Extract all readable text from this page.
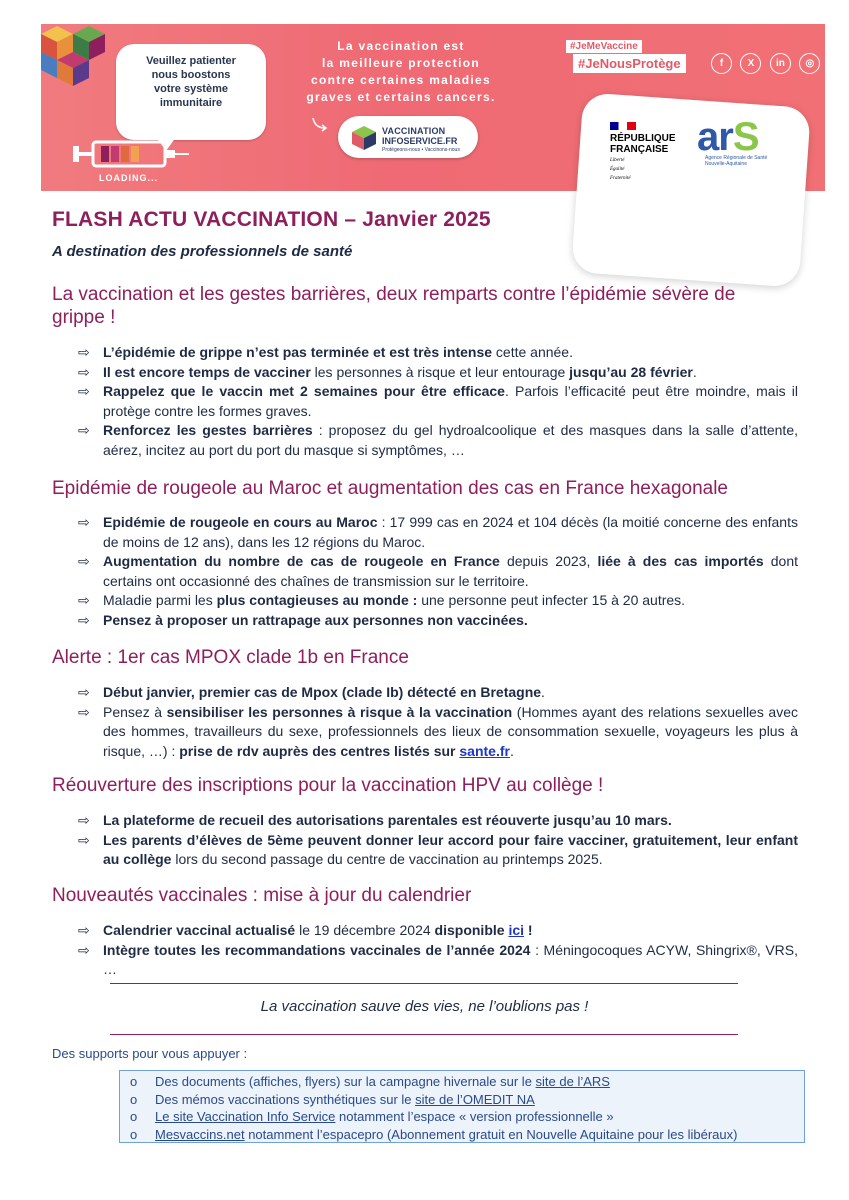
Veuillez patienter
nous boostons
votre système
immunitaire
LOADING...
La vaccination est
la meilleure protection
contre certaines maladies
graves et certains cancers.
VACCINATION
INFOSERVICE.FR
Protégeons-nous • Vaccinons-nous
#JeMeVaccine
#JeNousProtège	f X in ◎
RÉPUBLIQUE
FRANÇAISE
Liberté
Égalité
Fraternité
arS
Agence Régionale de Santé
Nouvelle-Aquitaine
FLASH ACTU VACCINATION – Janvier 2025
A destination des professionnels de santé
La vaccination et les gestes barrières, deux remparts contre l’épidémie sévère de grippe !
⇨ L’épidémie de grippe n’est pas terminée et est très intense cette année.
⇨ Il est encore temps de vacciner les personnes à risque et leur entourage jusqu’au 28 février.
⇨ Rappelez que le vaccin met 2 semaines pour être efficace. Parfois l’efficacité peut être moindre, mais il protège contre les formes graves.
⇨ Renforcez les gestes barrières : proposez du gel hydroalcoolique et des masques dans la salle d’attente, aérez, incitez au port du port du masque si symptômes, …
Epidémie de rougeole au Maroc et augmentation des cas en France hexagonale
⇨ Epidémie de rougeole en cours au Maroc : 17 999 cas en 2024 et 104 décès (la moitié concerne des enfants de moins de 12 ans), dans les 12 régions du Maroc.
⇨ Augmentation du nombre de cas de rougeole en France depuis 2023, liée à des cas importés dont certains ont occasionné des chaînes de transmission sur le territoire.
⇨ Maladie parmi les plus contagieuses au monde : une personne peut infecter 15 à 20 autres.
⇨ Pensez à proposer un rattrapage aux personnes non vaccinées.
Alerte : 1er cas MPOX clade 1b en France
⇨ Début janvier, premier cas de Mpox (clade Ib) détecté en Bretagne.
⇨ Pensez à sensibiliser les personnes à risque à la vaccination (Hommes ayant des relations sexuelles avec des hommes, travailleurs du sexe, professionnels des lieux de consommation sexuelle, voyageurs les plus à risque, …) : prise de rdv auprès des centres listés sur sante.fr.
Réouverture des inscriptions pour la vaccination HPV au collège !
⇨ La plateforme de recueil des autorisations parentales est réouverte jusqu’au 10 mars.
⇨ Les parents d’élèves de 5ème peuvent donner leur accord pour faire vacciner, gratuitement, leur enfant au collège lors du second passage du centre de vaccination au printemps 2025.
Nouveautés vaccinales : mise à jour du calendrier
⇨ Calendrier vaccinal actualisé le 19 décembre 2024 disponible ici !
⇨ Intègre toutes les recommandations vaccinales de l’année 2024 : Méningocoques ACYW, Shingrix®, VRS, …
La vaccination sauve des vies, ne l’oublions pas !
Des supports pour vous appuyer :
o Des documents (affiches, flyers) sur la campagne hivernale sur le site de l’ARS
o Des mémos vaccinations synthétiques sur le site de l’OMEDIT NA
o Le site Vaccination Info Service notamment l’espace « version professionnelle »
o Mesvaccins.net notamment l’espacepro (Abonnement gratuit en Nouvelle Aquitaine pour les libéraux)
